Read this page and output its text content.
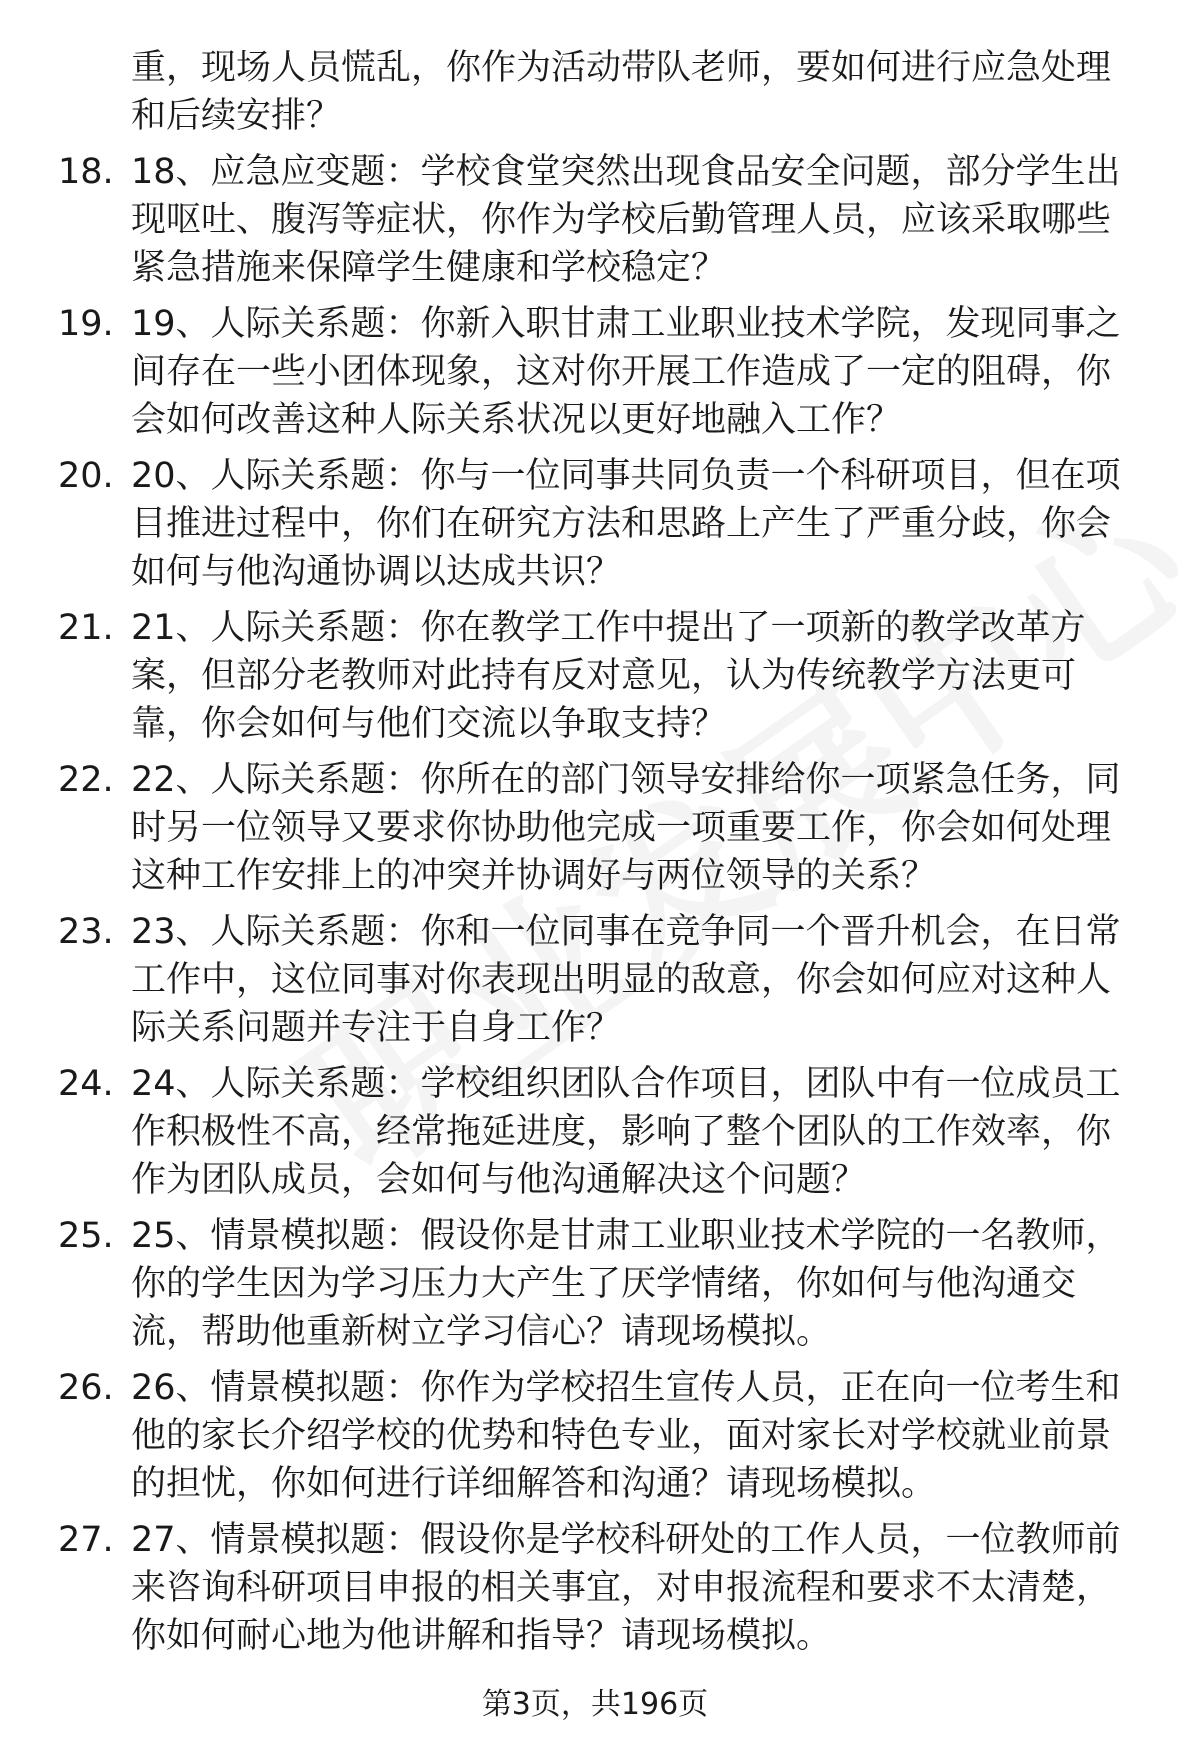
重，现场人员慌乱，你作为活动带队老师，要如何进行应急处理

和后续安排？

18. 18、应急应变题：学校食堂突然出现食品安全问题，部分学生出
现呕吐、腹泻等症状，你作为学校后勤管理人员，应该采取哪些
紧急措施来保障学生健康和学校稳定？
19. 19、人际关系题：你新入职甘肃工业职业技术学院，发现同事之
间存在一些小团体现象，这对你开展工作造成了一定的阻碍，你
会如何改善这种人际关系状况以更好地融入工作？
20. 20、人际关系题：你与一位同事共同负责一个科研项目，但在项
目推进过程中，你们在研究方法和思路上产生了严重分歧，你会
如何与他沟通协调以达成共识？
21. 21、人际关系题：你在教学工作中提出了一项新的教学改革方
案，但部分老教师对此持有反对意见，认为传统教学方法更可
靠，你会如何与他们交流以争取支持？
22. 22、人际关系题：你所在的部门领导安排给你一项紧急任务，同
时另一位领导又要求你协助他完成一项重要工作，你会如何处理
这种工作安排上的冲突并协调好与两位领导的关系？
23. 23、人际关系题：你和一位同事在竞争同一个晋升机会，在日常
工作中，这位同事对你表现出明显的敌意，你会如何应对这种人
际关系问题并专注于自身工作？
24. 24、人际关系题：学校组织团队合作项目，团队中有一位成员工
作积极性不高，经常拖延进度，影响了整个团队的工作效率，你
作为团队成员，会如何与他沟通解决这个问题？
25. 25、情景模拟题：假设你是甘肃工业职业技术学院的一名教师，
你的学生因为学习压力大产生了厌学情绪，你如何与他沟通交
流，帮助他重新树立学习信心？请现场模拟。
26. 26、情景模拟题：你作为学校招生宣传人员，正在向一位考生和
他的家长介绍学校的优势和特色专业，面对家长对学校就业前景
的担忧，你如何进行详细解答和沟通？请现场模拟。
27. 27、情景模拟题：假设你是学校科研处的工作人员，一位教师前
来咨询科研项目申报的相关事宜，对申报流程和要求不太清楚，
你如何耐心地为他讲解和指导？请现场模拟。
第3页，共196页
